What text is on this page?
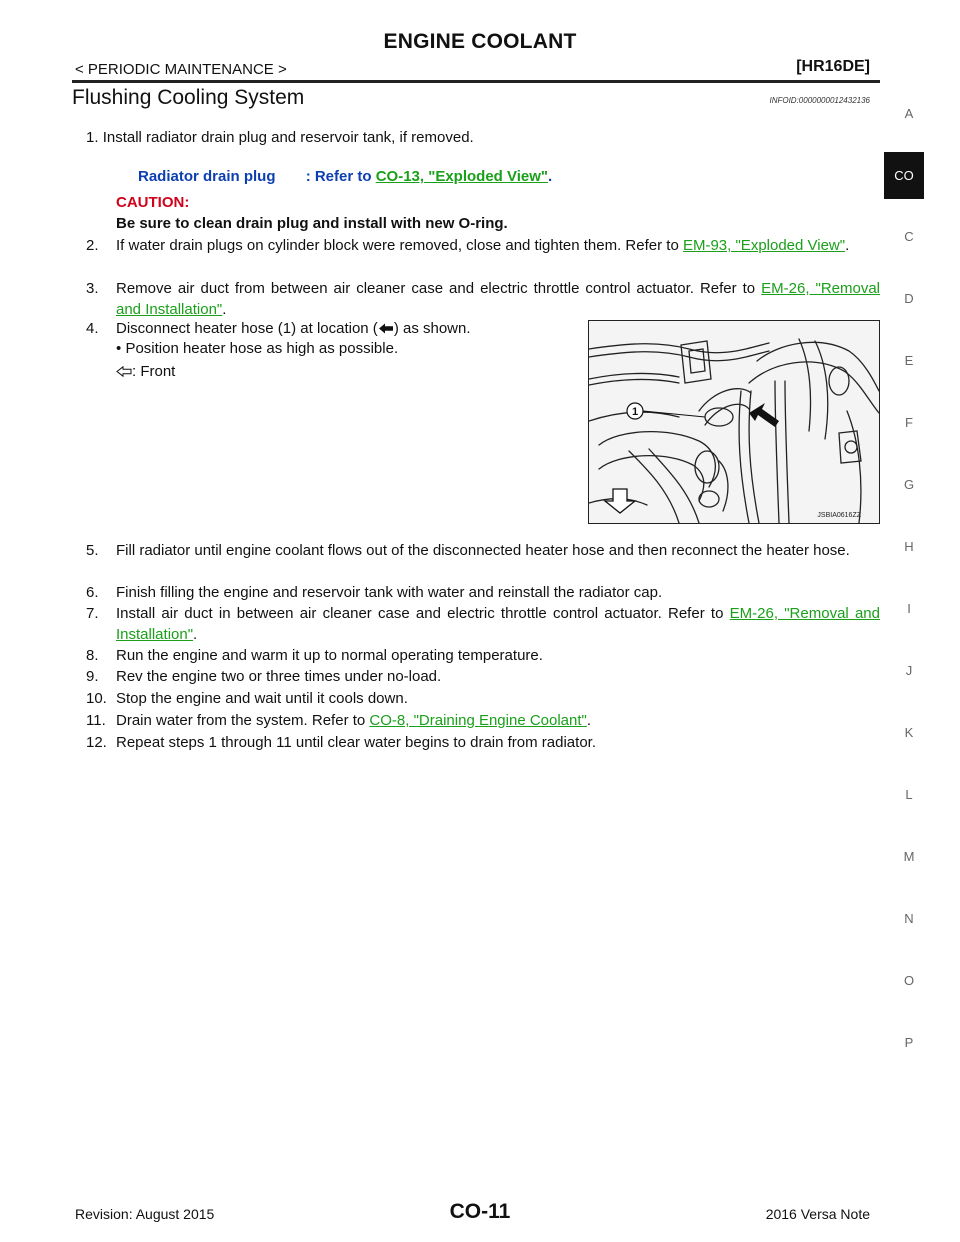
ENGINE COOLANT
< PERIODIC MAINTENANCE >	[HR16DE]
Flushing Cooling System	INFOID:0000000012432136
A
CO
C
D
E
F
G
H
I
J
K
L
M
N
O
P
1. Install radiator drain plug and reservoir tank, if removed.
Radiator drain plug : Refer to CO-13, "Exploded View".
CAUTION:
Be sure to clean drain plug and install with new O-ring.
2.	If water drain plugs on cylinder block were removed, close and tighten them. Refer to EM-93, "Exploded View".
3.	Remove air duct from between air cleaner case and electric throttle control actuator. Refer to EM-26, "Removal and Installation".
4. Disconnect heater hose (1) at location ( ) as shown.
• Position heater hose as high as possible.
: Front
1
JSBIA0616ZZ
5.	Fill radiator until engine coolant flows out of the disconnected heater hose and then reconnect the heater hose.
6.	Finish filling the engine and reservoir tank with water and reinstall the radiator cap.
7.	Install air duct in between air cleaner case and electric throttle control actuator. Refer to EM-26, "Removal and Installation".
8.	Run the engine and warm it up to normal operating temperature.
9.	Rev the engine two or three times under no-load.
10. Stop the engine and wait until it cools down.
11. Drain water from the system. Refer to CO-8, "Draining Engine Coolant".
12. Repeat steps 1 through 11 until clear water begins to drain from radiator.
Revision: August 2015	CO-11	2016 Versa Note
